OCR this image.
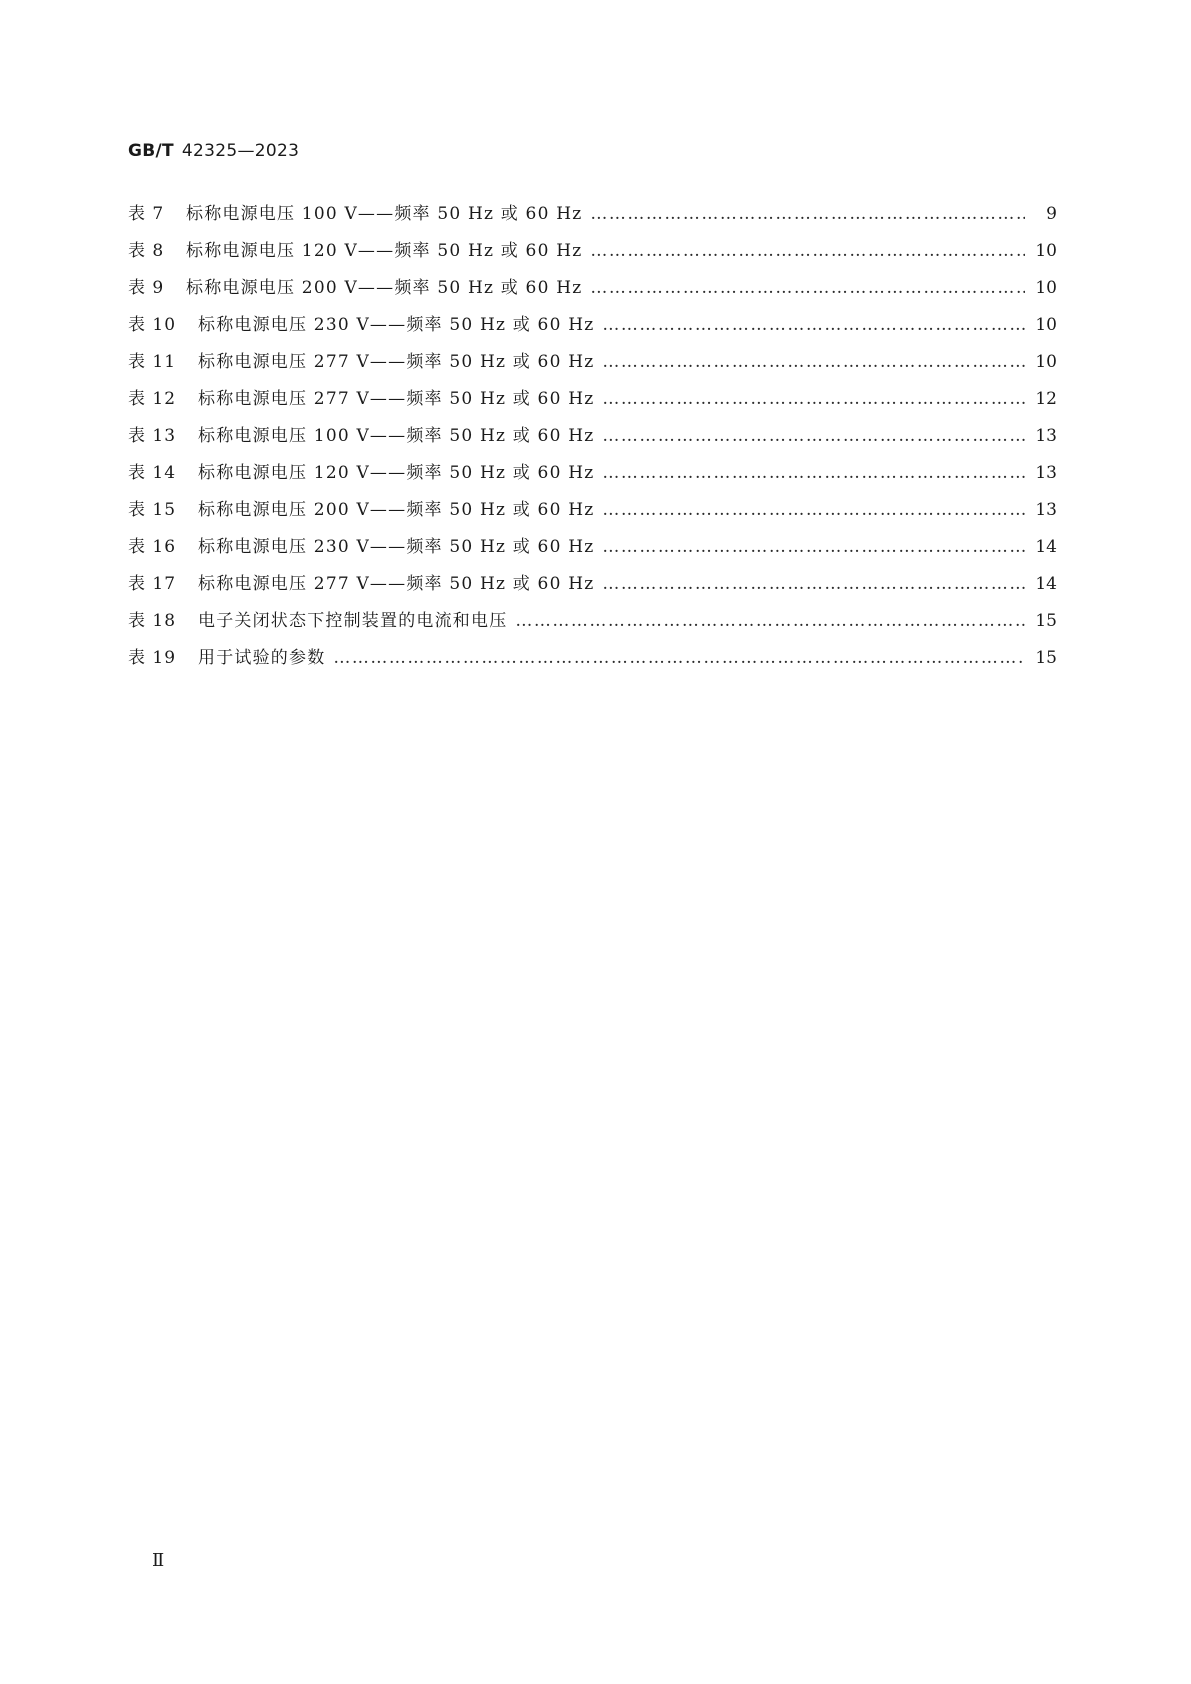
GB/T 42325—2023
表 7	标称电源电压 100 V——频率 50 Hz 或 60 Hz …………………………………………………………………………………………………………………………………………………………………………………………	9
表 8	标称电源电压 120 V——频率 50 Hz 或 60 Hz …………………………………………………………………………………………………………………………………………………………………………………………	10
表 9	标称电源电压 200 V——频率 50 Hz 或 60 Hz …………………………………………………………………………………………………………………………………………………………………………………………	10
表 10	标称电源电压 230 V——频率 50 Hz 或 60 Hz …………………………………………………………………………………………………………………………………………………………………………………………	10
表 11	标称电源电压 277 V——频率 50 Hz 或 60 Hz …………………………………………………………………………………………………………………………………………………………………………………………	10
表 12	标称电源电压 277 V——频率 50 Hz 或 60 Hz …………………………………………………………………………………………………………………………………………………………………………………………	12
表 13	标称电源电压 100 V——频率 50 Hz 或 60 Hz …………………………………………………………………………………………………………………………………………………………………………………………	13
表 14	标称电源电压 120 V——频率 50 Hz 或 60 Hz …………………………………………………………………………………………………………………………………………………………………………………………	13
表 15	标称电源电压 200 V——频率 50 Hz 或 60 Hz …………………………………………………………………………………………………………………………………………………………………………………………	13
表 16	标称电源电压 230 V——频率 50 Hz 或 60 Hz …………………………………………………………………………………………………………………………………………………………………………………………	14
表 17	标称电源电压 277 V——频率 50 Hz 或 60 Hz …………………………………………………………………………………………………………………………………………………………………………………………	14
表 18	电子关闭状态下控制装置的电流和电压 …………………………………………………………………………………………………………………………………………………………………………………………	15
表 19	用于试验的参数 …………………………………………………………………………………………………………………………………………………………………………………………	15
Ⅱ
